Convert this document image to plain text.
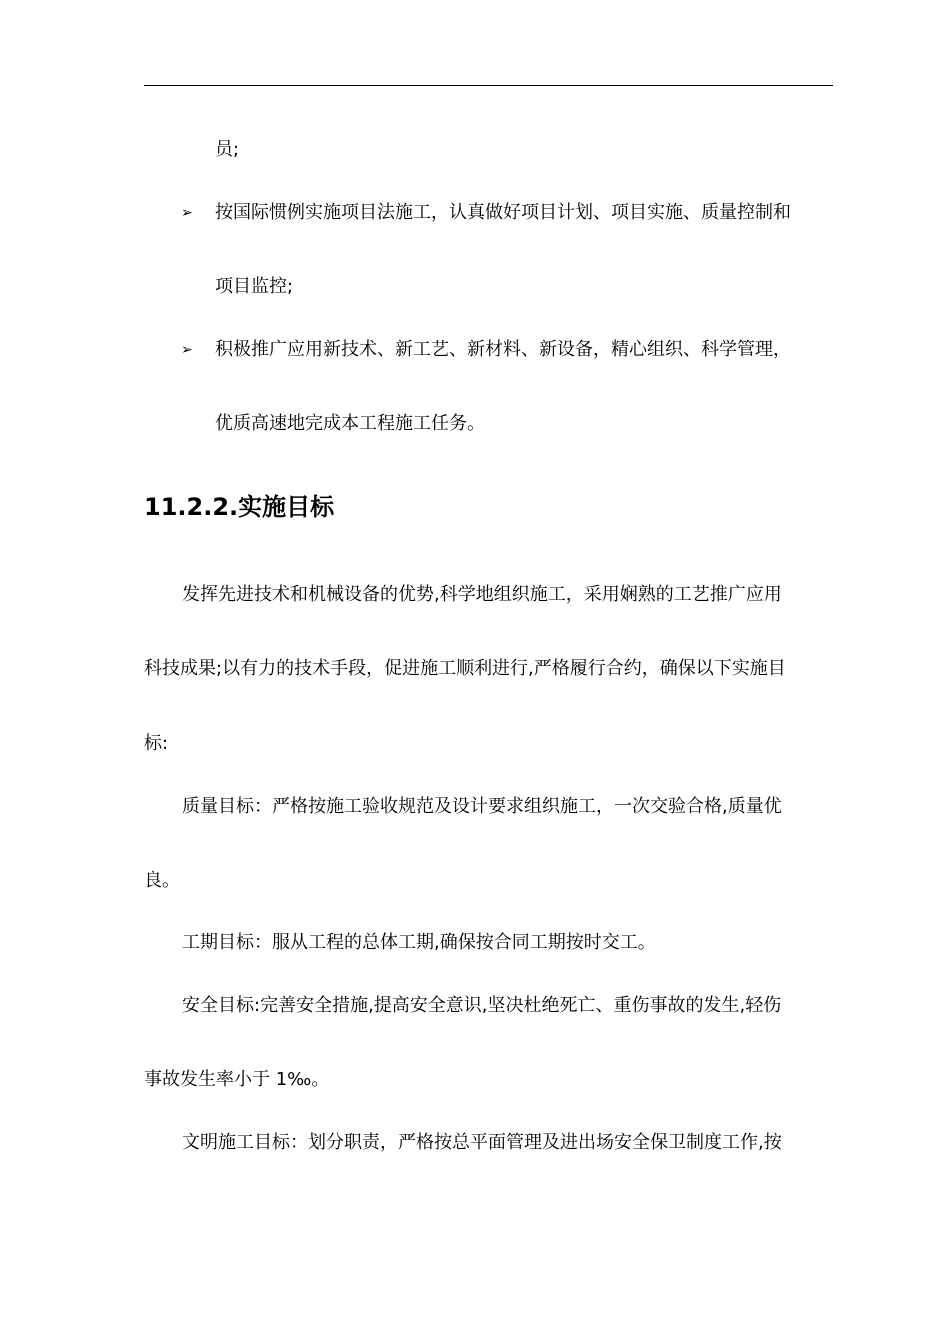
员;
➢ 按国际惯例实施项目法施工，认真做好项目计划、项目实施、质量控制和
项目监控;
➢ 积极推广应用新技术、新工艺、新材料、新设备，精心组织、科学管理，
优质高速地完成本工程施工任务。
11.2.2.实施目标
发挥先进技术和机械设备的优势,科学地组织施工，采用娴熟的工艺推广应用
科技成果;以有力的技术手段，促进施工顺利进行,严格履行合约，确保以下实施目
标:
质量目标：严格按施工验收规范及设计要求组织施工，一次交验合格,质量优
良。
工期目标：服从工程的总体工期,确保按合同工期按时交工。
安全目标:完善安全措施,提高安全意识,坚决杜绝死亡、重伤事故的发生,轻伤
事故发生率小于 1‰。
文明施工目标：划分职责，严格按总平面管理及进出场安全保卫制度工作,按
